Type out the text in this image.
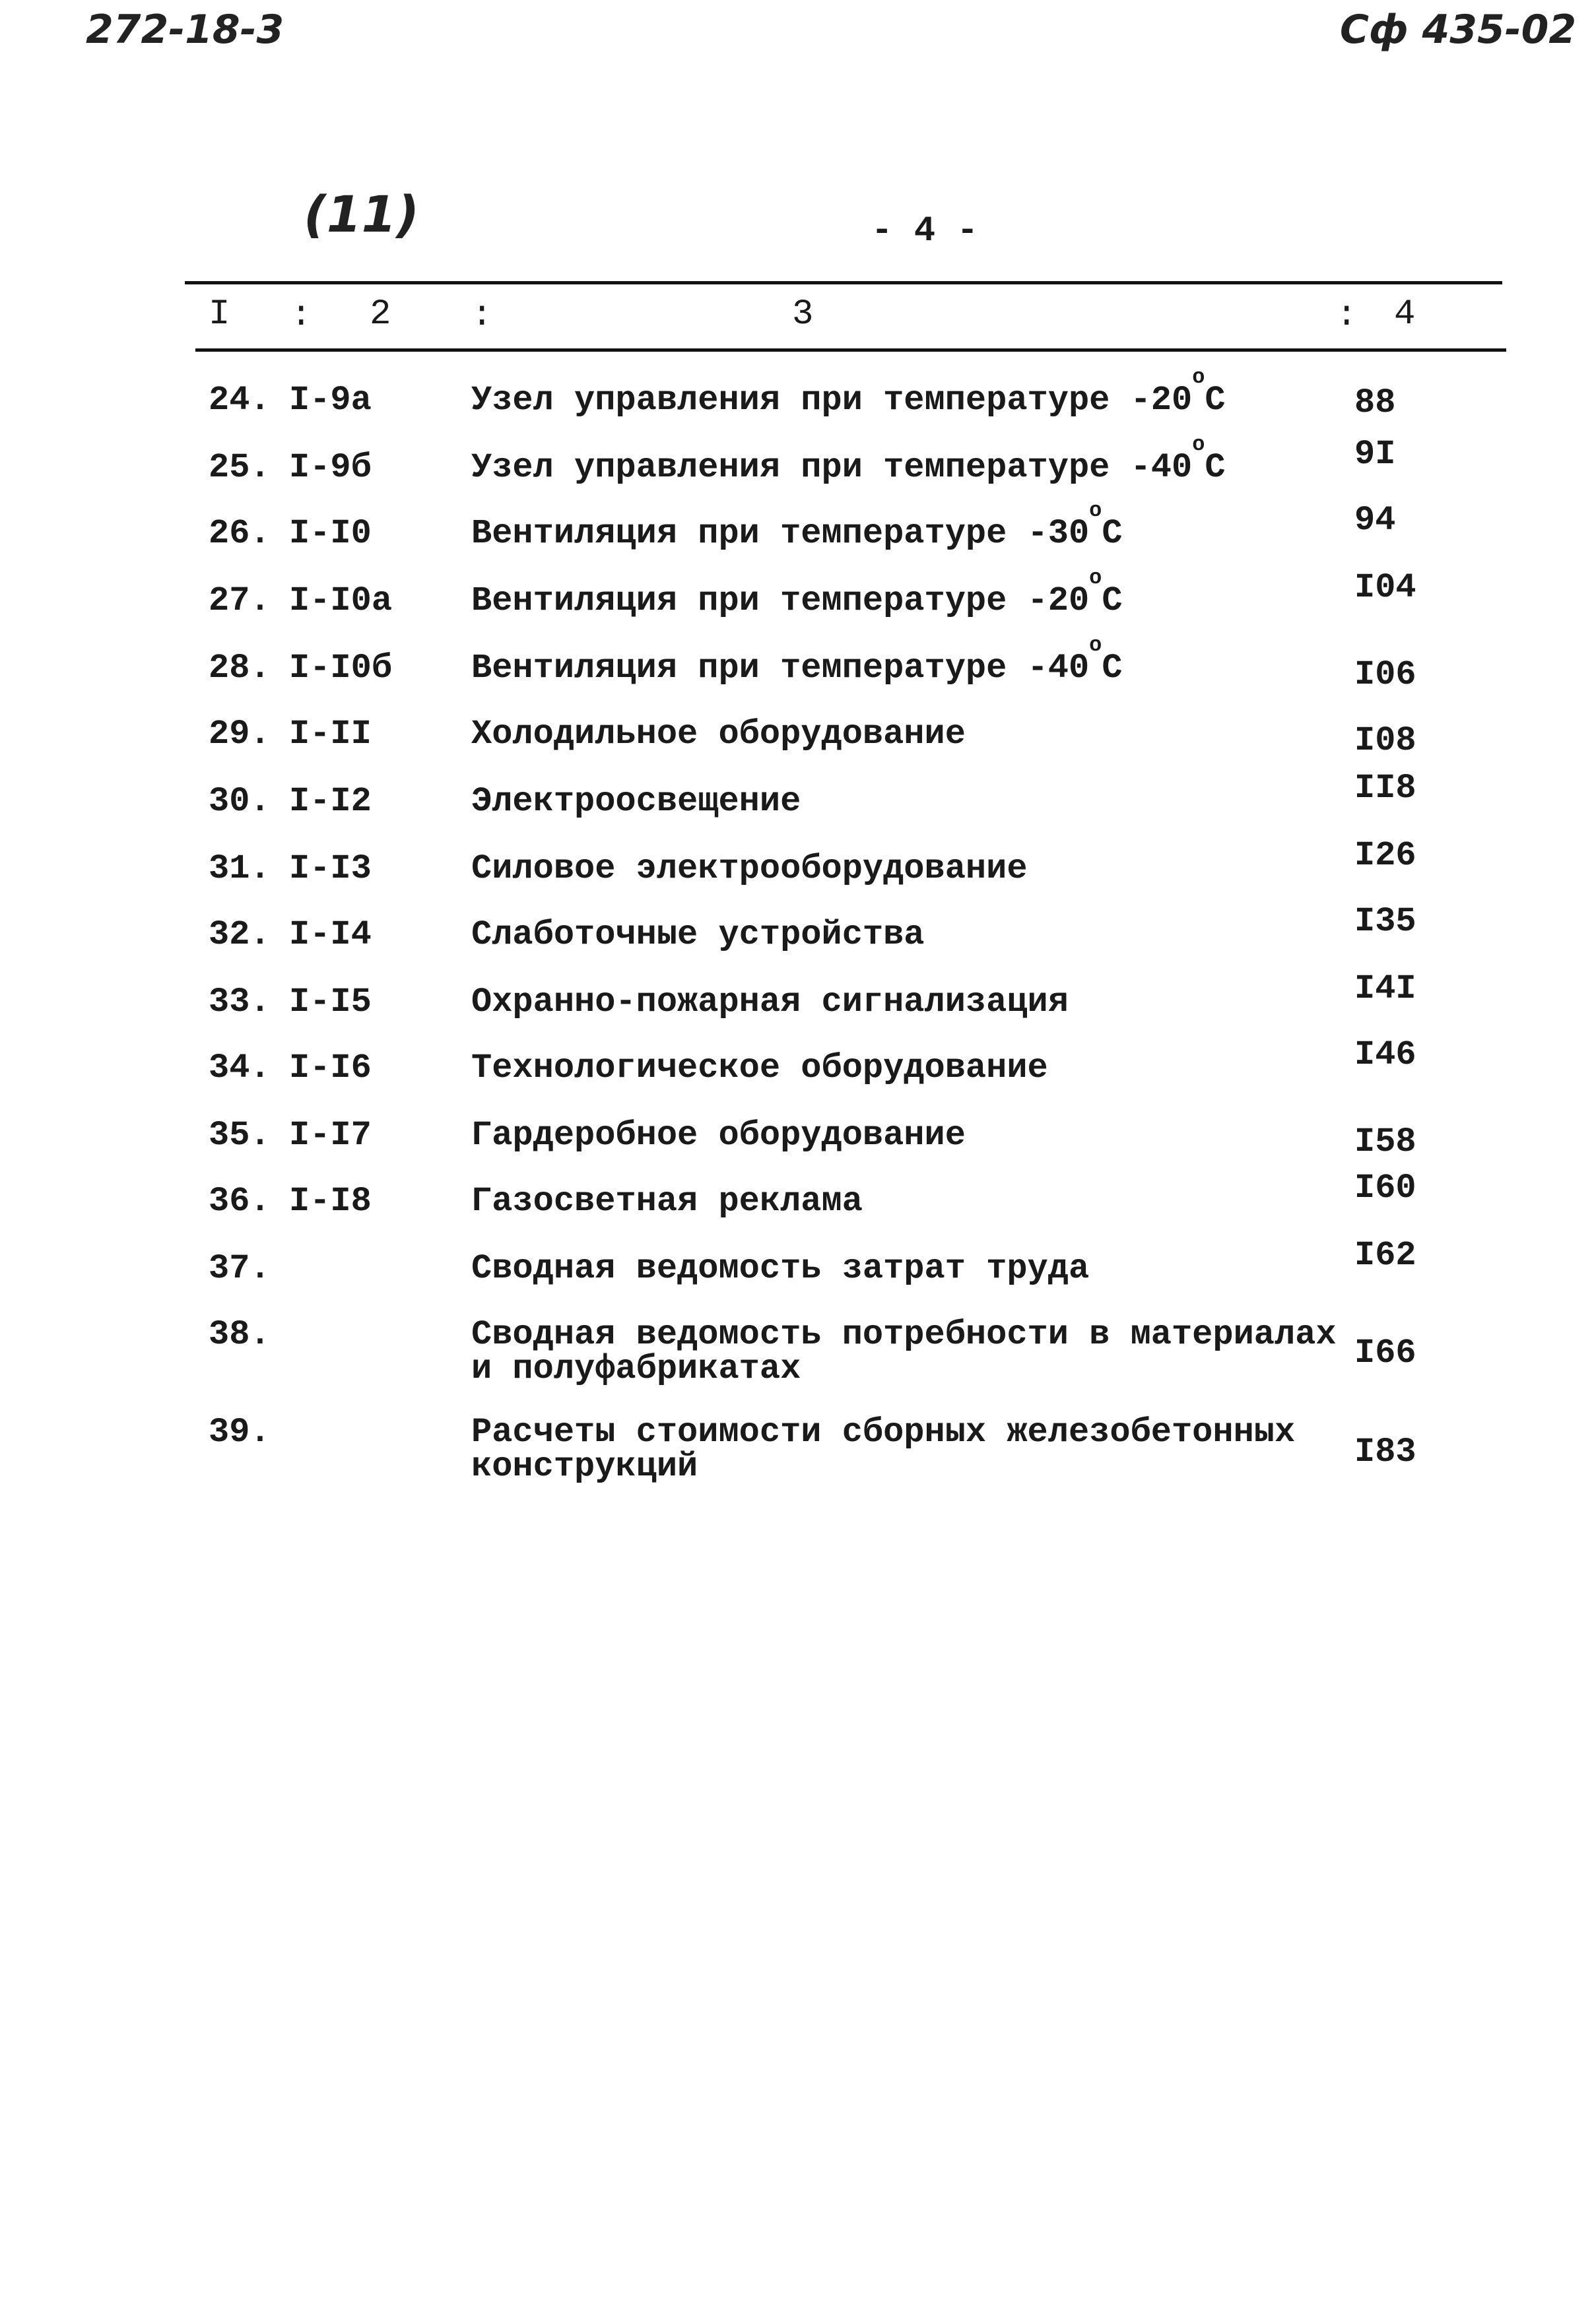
272-18-3	Сф 435-02
(11)	- 4 -
I : 2 :	3	: 4
24. I-9а	Узел управления при температуре $-20^оС$	88
25. I-9б	Узел управления при температуре $-40^оС$	9I
26. I-I0	Вентиляция при температуре $-30^оС$	94
27. I-I0а Вентиляция при температуре $-20^оС$	I04
28. I-I0б Вентиляция при температуре $-40^оС$	I06
29. I-II	Холодильное оборудование	I08
30. I-I2	Электроосвещение	II8
31. I-I3	Силовое электрооборудование	I26
32. I-I4	Слаботочные устройства	I35
33. I-I5	Охранно-пожарная сигнализация	I4I
34. I-I6	Технологическое оборудование	I46
35. I-I7	Гардеробное оборудование	I58
36. I-I8	Газосветная реклама	I60
37.	Сводная ведомость затрат труда	I62
38.	Сводная ведомость потребности в материалах
и полуфабрикатах	I66
39.	Расчеты стоимости сборных железобетонных
конструкций	I83
